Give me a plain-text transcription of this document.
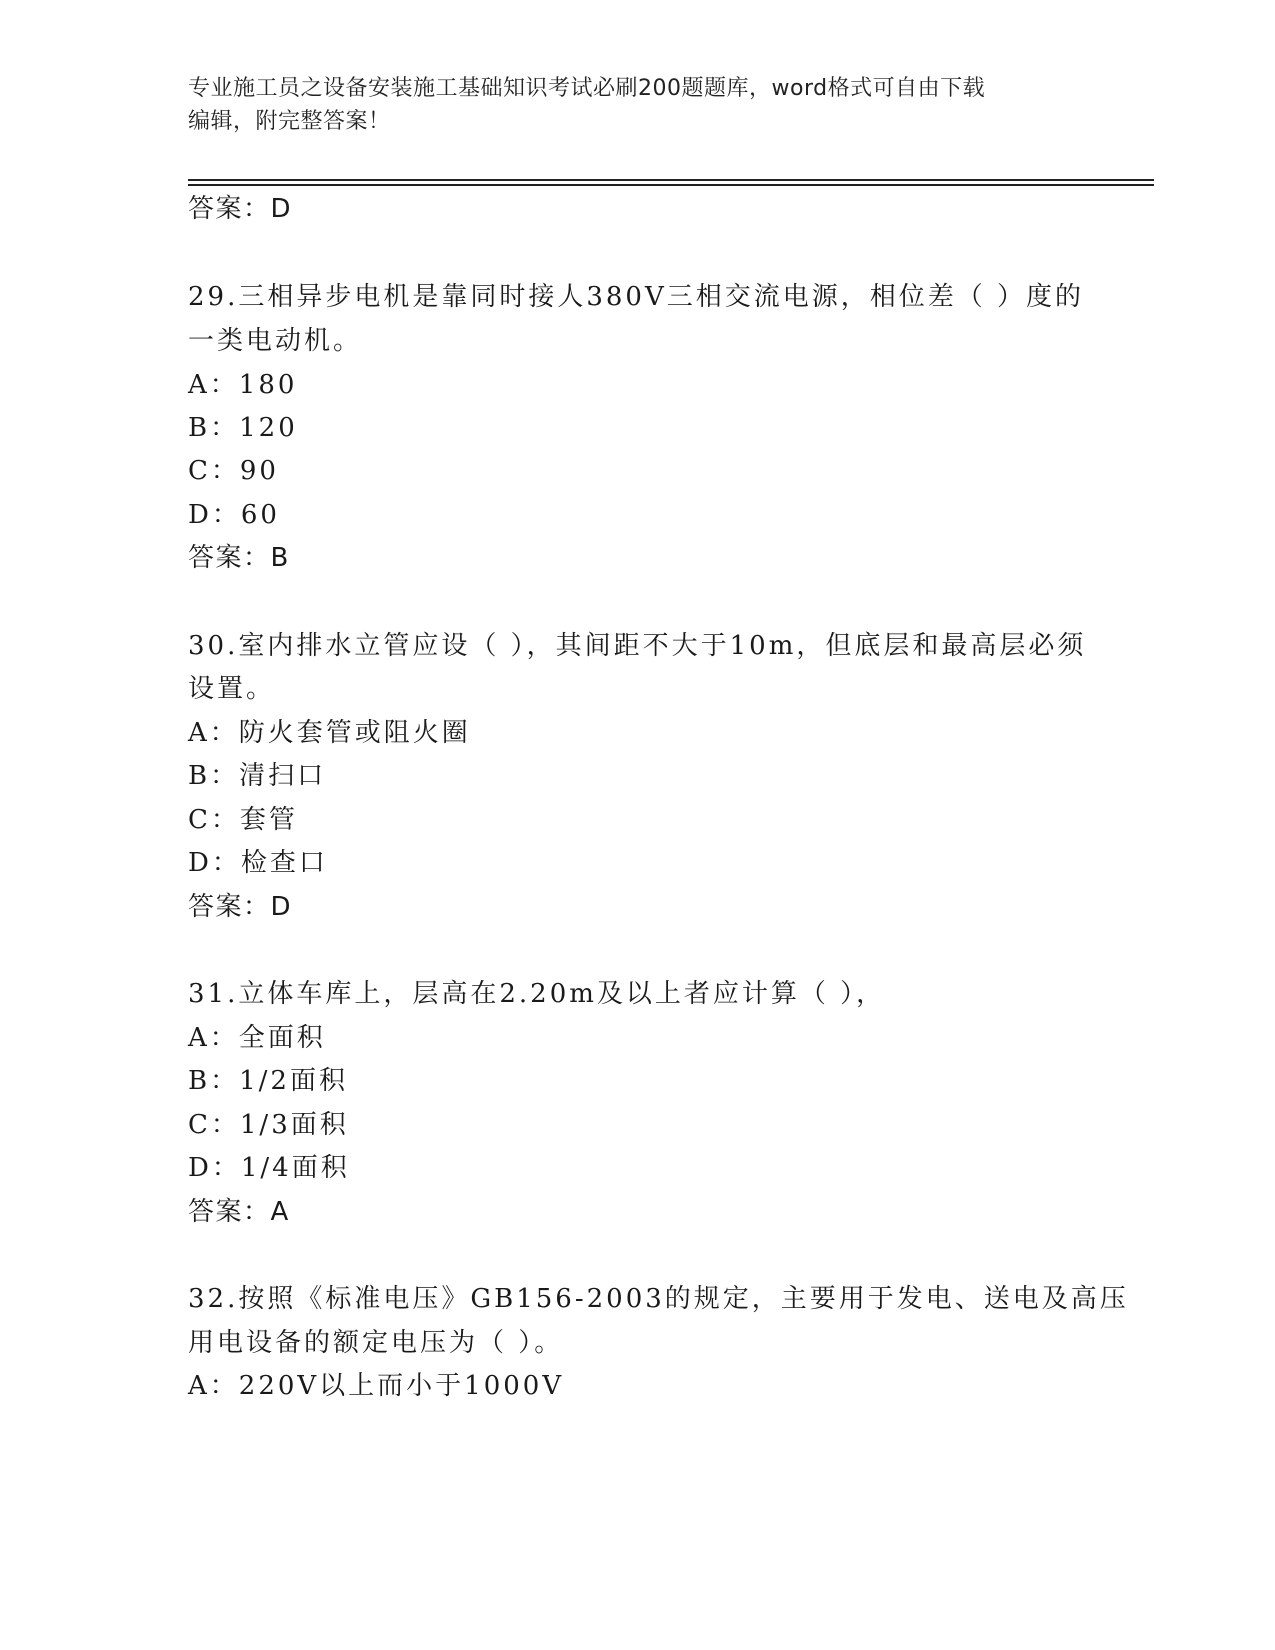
专业施工员之设备安装施工基础知识考试必刷200题题库，word格式可自由下载
编辑，附完整答案！
答案：D
29.三相异步电机是靠同时接人380V三相交流电源，相位差（ ）度的
一类电动机。
A：180
B：120
C：90
D：60
答案：B
30.室内排水立管应设（ ），其间距不大于10m，但底层和最高层必须
设置。
A：防火套管或阻火圈
B：清扫口
C：套管
D：检查口
答案：D
31.立体车库上，层高在2.20m及以上者应计算（ ），
A：全面积
B：1/2面积
C：1/3面积
D：1/4面积
答案：A
32.按照《标准电压》GB156-2003的规定，主要用于发电、送电及高压
用电设备的额定电压为（ ）。
A：220V以上而小于1000V
